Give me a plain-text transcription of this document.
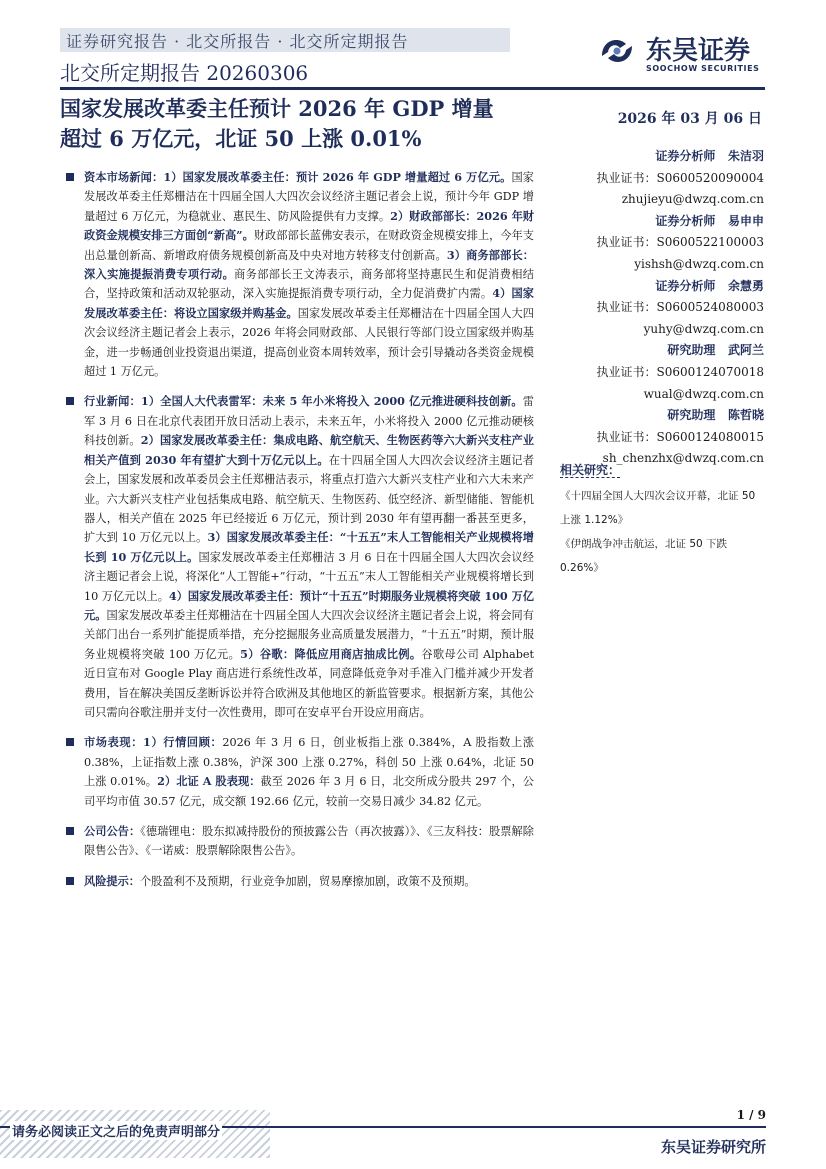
证券研究报告 · 北交所报告 · 北交所定期报告
北交所定期报告 20260306
东吴证券
SOOCHOW SECURITIES
国家发展改革委主任预计 2026 年 GDP 增量
超过 6 万亿元，北证 50 上涨 0.01%
2026 年 03 月 06 日
资本市场新闻：1）国家发展改革委主任：预计 2026 年 GDP 增量超过 6 万亿元。国家发展改革委主任郑栅洁在十四届全国人大四次会议经济主题记者会上说，预计今年 GDP 增量超过 6 万亿元，为稳就业、惠民生、防风险提供有力支撑。2）财政部部长：2026 年财政资金规模安排三方面创“新高”。财政部部长蓝佛安表示，在财政资金规模安排上，今年支出总量创新高、新增政府债务规模创新高及中央对地方转移支付创新高。3）商务部部长：深入实施提振消费专项行动。商务部部长王文涛表示，商务部将坚持惠民生和促消费相结合，坚持政策和活动双轮驱动，深入实施提振消费专项行动，全力促消费扩内需。4）国家发展改革委主任：将设立国家级并购基金。国家发展改革委主任郑栅洁在十四届全国人大四次会议经济主题记者会上表示，2026 年将会同财政部、人民银行等部门设立国家级并购基金，进一步畅通创业投资退出渠道，提高创业资本周转效率，预计会引导撬动各类资金规模超过 1 万亿元。
行业新闻：1）全国人大代表雷军：未来 5 年小米将投入 2000 亿元推进硬科技创新。雷军 3 月 6 日在北京代表团开放日活动上表示，未来五年，小米将投入 2000 亿元推动硬核科技创新。2）国家发展改革委主任：集成电路、航空航天、生物医药等六大新兴支柱产业相关产值到 2030 年有望扩大到十万亿元以上。在十四届全国人大四次会议经济主题记者会上，国家发展和改革委员会主任郑栅洁表示，将重点打造六大新兴支柱产业和六大未来产业。六大新兴支柱产业包括集成电路、航空航天、生物医药、低空经济、新型储能、智能机器人，相关产值在 2025 年已经接近 6 万亿元，预计到 2030 年有望再翻一番甚至更多，扩大到 10 万亿元以上。3）国家发展改革委主任：“十五五”末人工智能相关产业规模将增长到 10 万亿元以上。国家发展改革委主任郑栅洁 3 月 6 日在十四届全国人大四次会议经济主题记者会上说，将深化“人工智能+”行动，“十五五”末人工智能相关产业规模将增长到 10 万亿元以上。4）国家发展改革委主任：预计“十五五”时期服务业规模将突破 100 万亿元。国家发展改革委主任郑栅洁在十四届全国人大四次会议经济主题记者会上说，将会同有关部门出台一系列扩能提质举措，充分挖掘服务业高质量发展潜力，“十五五”时期，预计服务业规模将突破 100 万亿元。5）谷歌：降低应用商店抽成比例。谷歌母公司 Alphabet 近日宣布对 Google Play 商店进行系统性改革，同意降低竞争对手准入门槛并减少开发者费用，旨在解决美国反垄断诉讼并符合欧洲及其他地区的新监管要求。根据新方案，其他公司只需向谷歌注册并支付一次性费用，即可在安卓平台开设应用商店。
市场表现：1）行情回顾：2026 年 3 月 6 日，创业板指上涨 0.384%，A 股指数上涨 0.38%，上证指数上涨 0.38%，沪深 300 上涨 0.27%，科创 50 上涨 0.64%，北证 50 上涨 0.01%。2）北证 A 股表现：截至 2026 年 3 月 6 日，北交所成分股共 297 个，公司平均市值 30.57 亿元，成交额 192.66 亿元，较前一交易日减少 34.82 亿元。
公司公告：《德瑞锂电：股东拟减持股份的预披露公告（再次披露）》、《三友科技：股票解除限售公告》、《一诺威：股票解除限售公告》。
风险提示：个股盈利不及预期，行业竞争加剧，贸易摩擦加剧，政策不及预期。
证券分析师 朱洁羽
执业证书：S0600520090004
zhujieyu@dwzq.com.cn
证券分析师 易申申
执业证书：S0600522100003
yishsh@dwzq.com.cn
证券分析师 余慧勇
执业证书：S0600524080003
yuhy@dwzq.com.cn
研究助理 武阿兰
执业证书：S0600124070018
wual@dwzq.com.cn
研究助理 陈哲晓
执业证书：S0600124080015
sh_chenzhx@dwzq.com.cn
相关研究：
《十四届全国人大四次会议开幕，北证 50 上涨 1.12%》
《伊朗战争冲击航运，北证 50 下跌 0.26%》
1 / 9
请务必阅读正文之后的免责声明部分
东吴证券研究所
